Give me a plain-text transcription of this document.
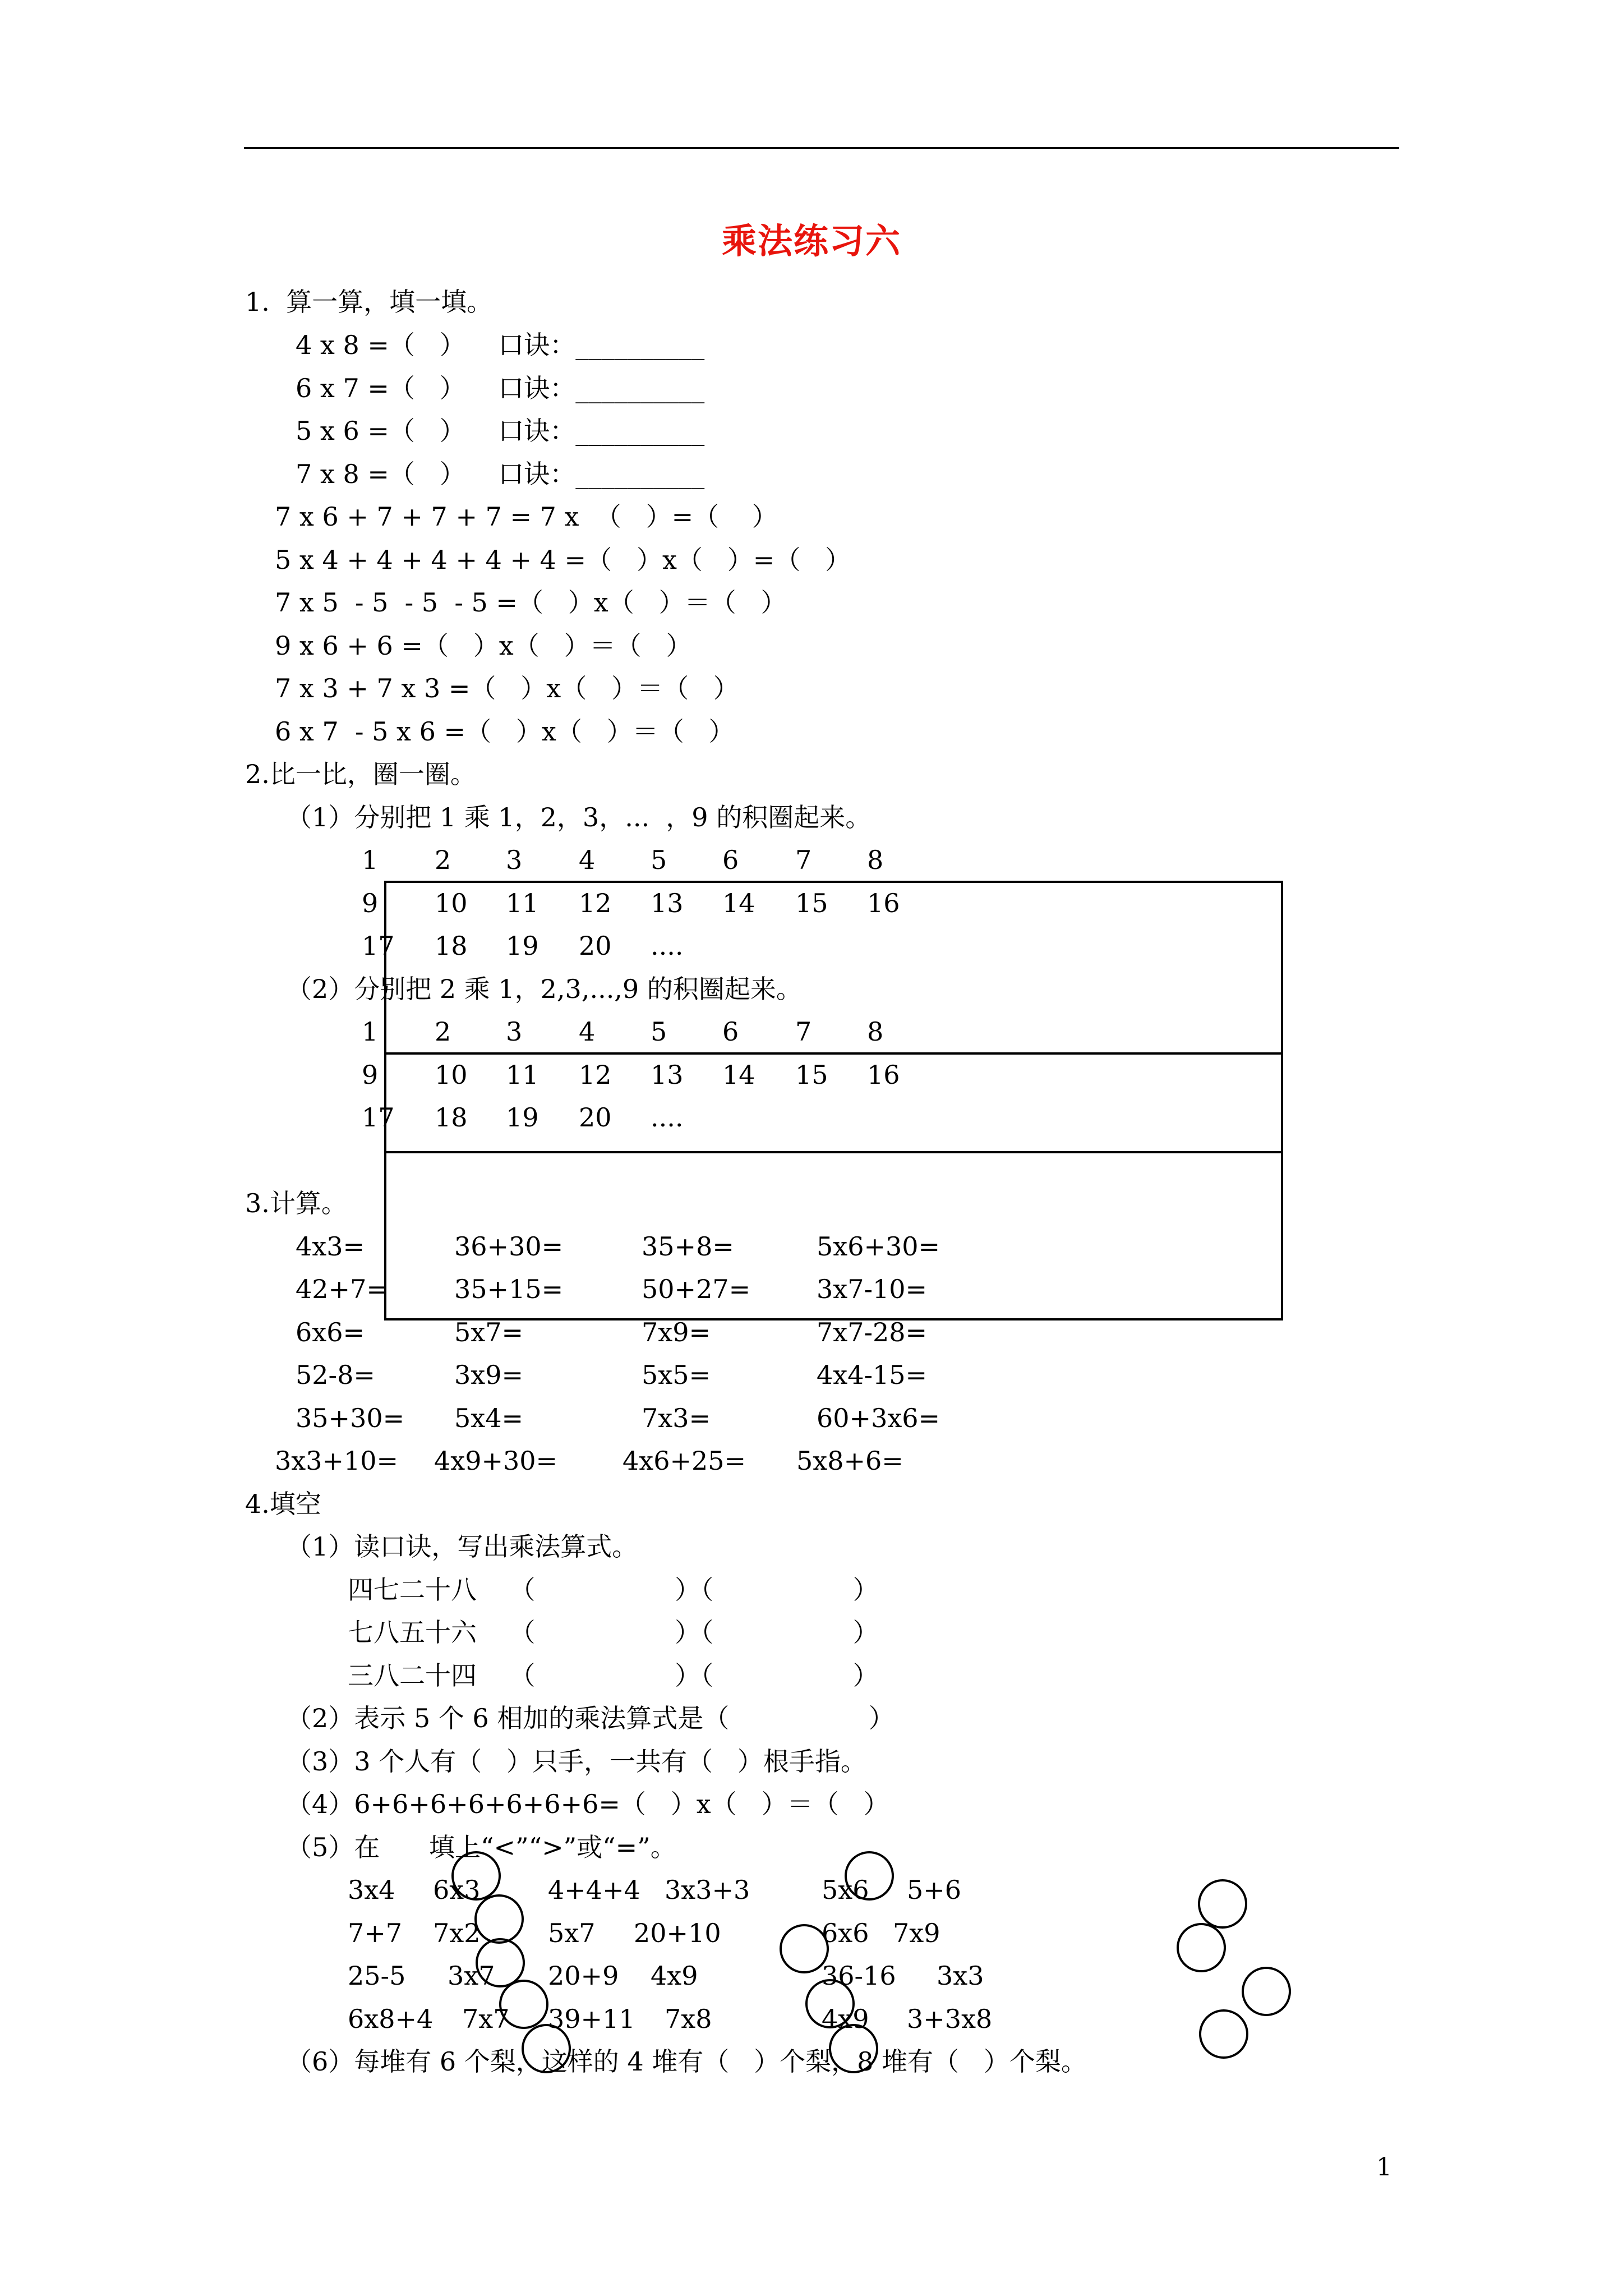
乘法练习六
1.  算一算，填一填。
4 x 8 =（   ）    口诀：__________
6 x 7 =（   ）    口诀：__________
5 x 6 =（   ）    口诀：__________
7 x 8 =（   ）    口诀：__________
7 x 6 + 7 + 7 + 7 = 7 x  （   ）=（    ）
5 x 4 + 4 + 4 + 4 + 4 =（   ）x（   ）=（   ）
7 x 5  - 5  - 5  - 5 =（   ）x（   ）＝（   ）
9 x 6 + 6 =（   ）x（   ）＝（   ）
7 x 3 + 7 x 3 =（   ）x（   ）＝（   ）
6 x 7  - 5 x 6 =（   ）x（   ）＝（   ）
2.比一比，圈一圈。
（1）分别把 1 乘 1，2，3，...  ，9 的积圈起来。
1 2 3 4 5 6 7 8
9 10 11 12 13 14 15 16
17 18 19 20 ....
（2）分别把 2 乘 1，2,3,...,9 的积圈起来。
1 2 3 4 5 6 7 8
9 10 11 12 13 14 15 16
17 18 19 20 ....
3.计算。
4x3=	36+30=	35+8=	5x6+30=
42+7=	35+15=	50+27=	3x7-10=
6x6=	5x7=	7x9=	7x7-28=
52-8=	3x9=	5x5=	4x4-15=
35+30= 5x4=	7x3=	60+3x6=
3x3+10= 4x9+30=	4x6+25= 5x8+6=
4.填空
（1）读口诀，写出乘法算式。
四七二十八    （                 ）（                 ）
七八五十六    （                 ）（                 ）
三八二十四    （                 ）（                 ）
（2）表示 5 个 6 相加的乘法算式是（                 ）
（3）3 个人有（   ）只手，一共有（   ）根手指。
（4）6+6+6+6+6+6+6=（   ）x（   ）＝（   ）
（5）在      填上“<”“>”或“=”。
3x4 6x3	4+4+4 3x3+3	5x6 5+6
7+7 7x2	5x7 20+10	6x6 7x9
25-5 3x7 20+9 4x9	36-16 3x3
6x8+4 7x7 39+11 7x8	4x9 3+3x8
（6）每堆有 6 个梨，这样的 4 堆有（   ）个梨，8 堆有（   ）个梨。
1
